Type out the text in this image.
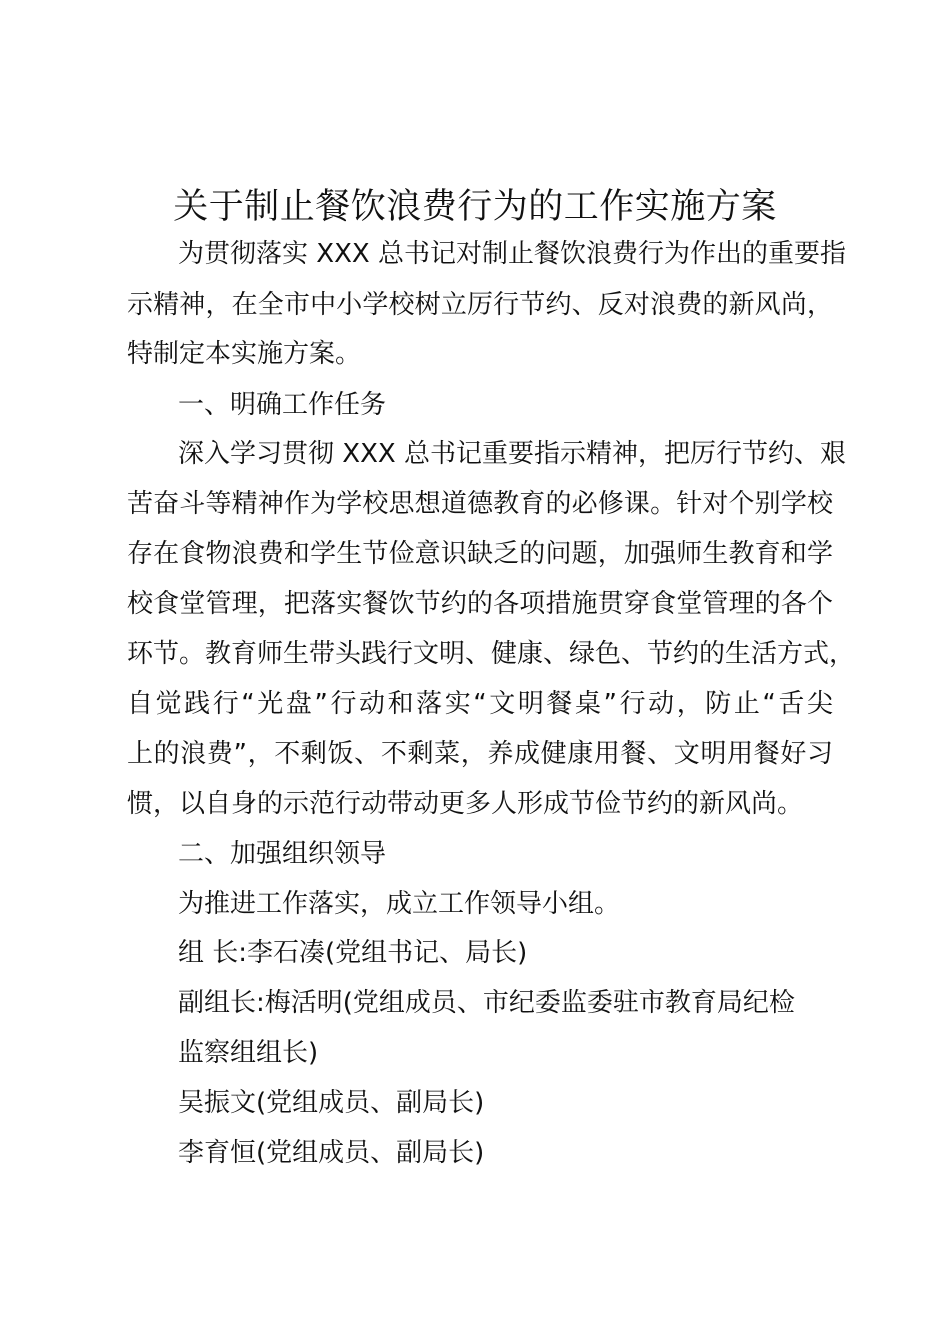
关于制止餐饮浪费行为的工作实施方案
为贯彻落实 XXX 总书记对制止餐饮浪费行为作出的重要指
示精神，在全市中小学校树立厉行节约、反对浪费的新风尚，
特制定本实施方案。
一、明确工作任务
深入学习贯彻 XXX 总书记重要指示精神，把厉行节约、艰
苦奋斗等精神作为学校思想道德教育的必修课。针对个别学校
存在食物浪费和学生节俭意识缺乏的问题，加强师生教育和学
校食堂管理，把落实餐饮节约的各项措施贯穿食堂管理的各个
环节。教育师生带头践行文明、健康、绿色、节约的生活方式，
自觉践行“光盘”行动和落实“文明餐桌”行动，防止“舌尖
上的浪费”，不剩饭、不剩菜，养成健康用餐、文明用餐好习
惯，以自身的示范行动带动更多人形成节俭节约的新风尚。
二、加强组织领导
为推进工作落实，成立工作领导小组。
组 长:李石凑(党组书记、局长)
副组长:梅活明(党组成员、市纪委监委驻市教育局纪检
监察组组长)
吴振文(党组成员、副局长)
李育恒(党组成员、副局长)
